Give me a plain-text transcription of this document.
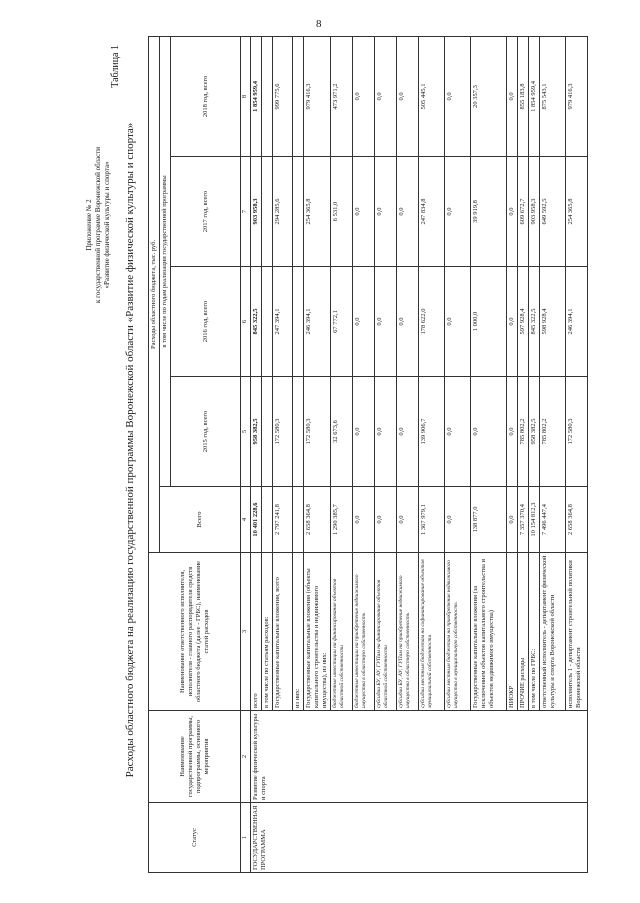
8
Приложение № 2 к государственной программе Воронежской области «Развитие физической культуры и спорта»
Таблица 1
Расходы областного бюджета на реализацию государственной программы Воронежской области «Развитие физической культуры и спорта»
Статус	Наименование государственной программы, подпрограммы, основного мероприятия	Наименование ответственного исполнителя, исполнителя - главного распорядителя средств областного бюджета (далее - ГРБС), наименование статей расходов	Расходы областного бюджета, тыс. руб.				
			Всего	в том числе по годам реализации государственной программы			
				2015 год, всего	2016 год, всего	2017 год, всего	2018 год, всего
1	2	3	4	5	6	7	8
ГОСУДАРСТВЕННАЯ ПРОГРАММА	Развитие физической культуры и спорта	всего	10 401 228,6	958 382,5	845 322,5	903 958,3	1 854 959,4
		в том числе по статьям расходов:					
		Государственные капитальные вложения, всего	2 797 241,8	172 580,3	247 394,1	294 285,6	999 775,6
		из них:					
		Государственные капитальные вложения (объекты капитального строительства и недвижимого имущества), из них:	2 658 364,8	172 580,3	246 394,1	254 365,8	979 416,3
		бюджетные инвестиции на финансирование объектов областной собственности	1 290 385,7	32 673,6	67 772,1	6 531,0	473 971,2
		бюджетные инвестиции на приобретение недвижимого имущества в областную собственность	0,0	0,0	0,0	0,0	0,0
		субсидии БУ, АУ, ГУПам на финансирование объектов областной собственности	0,0	0,0	0,0	0,0	0,0
		субсидии БУ, АУ, ГУПам на приобретение недвижимого имущества в областную собственность	0,0	0,0	0,0	0,0	0,0
		субсидии местным бюджетам на софинансирование объектов муниципальной собственности	1 367 979,1	139 906,7	178 622,0	247 834,8	505 445,1
		субсидии местным бюджетам на приобретение недвижимого имущества в муниципальную собственность	0,0	0,0	0,0	0,0	0,0
		Государственные капитальные вложения (за исключением объектов капитального строительства и объектов недвижимого имущества)	138 877,0	0,0	1 000,0	39 919,8	20 357,3
		НИОКР	0,0	0,0	0,0	0,0	0,0
		ПРОЧИЕ расходы	7 357 370,4	785 802,2	597 928,4	609 672,7	855 183,8
		в том числе по ГРБС:	10 154 812,3	958 382,5	845 322,5	903 958,3	1 854 959,4
		ответственный исполнитель - департамент физической культуры и спорта Воронежской области	7 496 447,4	785 802,2	598 928,4	649 592,5	875 543,1
		исполнитель 1 - департамент строительной политики Воронежской области	2 658 364,8	172 580,3	246 394,1	254 365,8	979 416,3
